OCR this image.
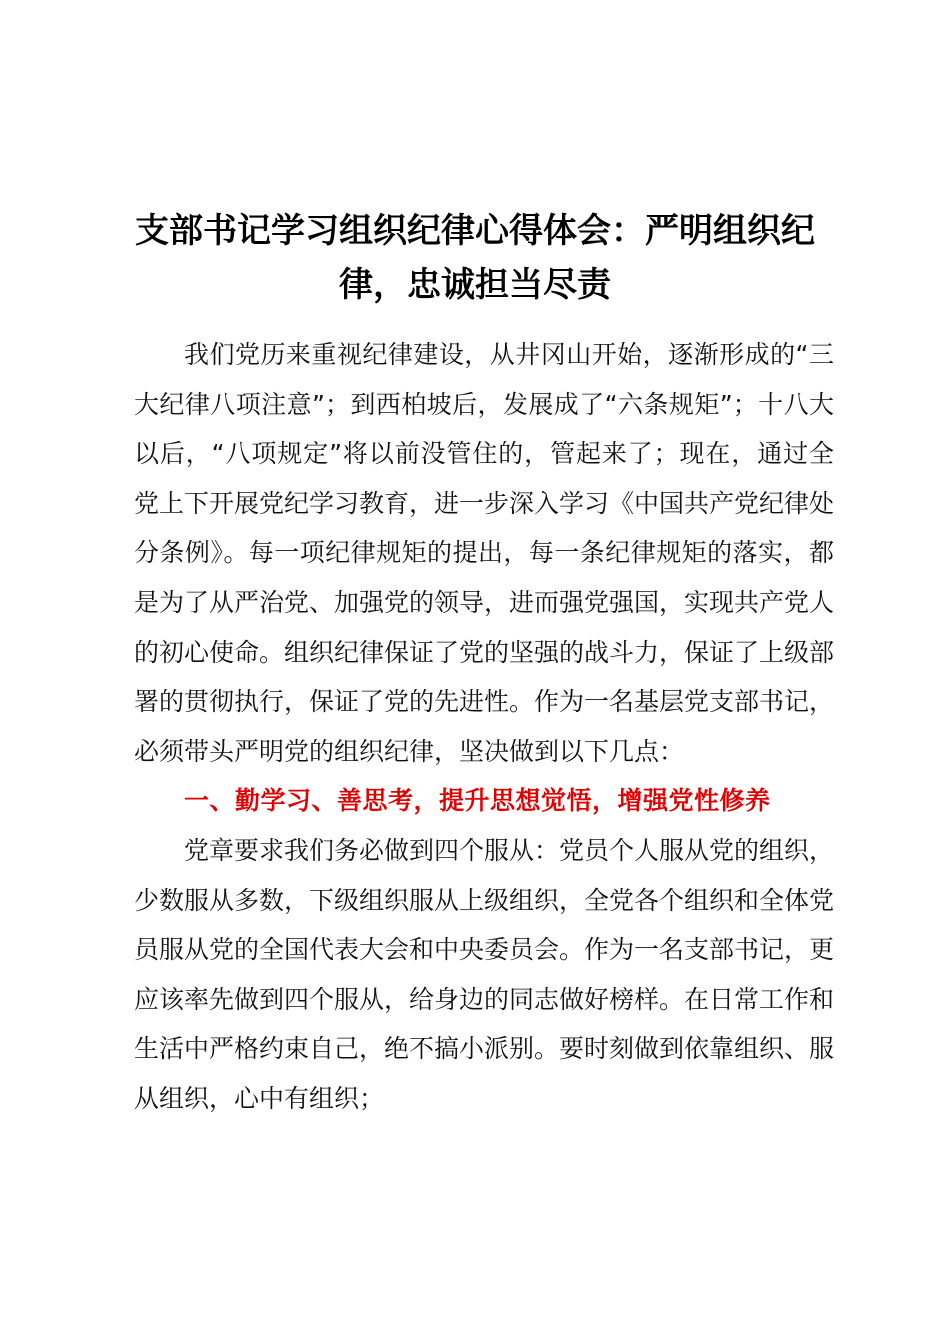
支部书记学习组织纪律心得体会：严明组织纪律，忠诚担当尽责

我们党历来重视纪律建设，从井冈山开始，逐渐形成的“三大纪律八项注意”；到西柏坡后，发展成了“六条规矩”；十八大以后，“八项规定”将以前没管住的，管起来了；现在，通过全党上下开展党纪学习教育，进一步深入学习《中国共产党纪律处分条例》。每一项纪律规矩的提出，每一条纪律规矩的落实，都是为了从严治党、加强党的领导，进而强党强国，实现共产党人的初心使命。组织纪律保证了党的坚强的战斗力，保证了上级部署的贯彻执行，保证了党的先进性。作为一名基层党支部书记，必须带头严明党的组织纪律，坚决做到以下几点：

一、勤学习、善思考，提升思想觉悟，增强党性修养

党章要求我们务必做到四个服从：党员个人服从党的组织，少数服从多数，下级组织服从上级组织，全党各个组织和全体党员服从党的全国代表大会和中央委员会。作为一名支部书记，更应该率先做到四个服从，给身边的同志做好榜样。在日常工作和生活中严格约束自己，绝不搞小派别。要时刻做到依靠组织、服从组织，心中有组织；
